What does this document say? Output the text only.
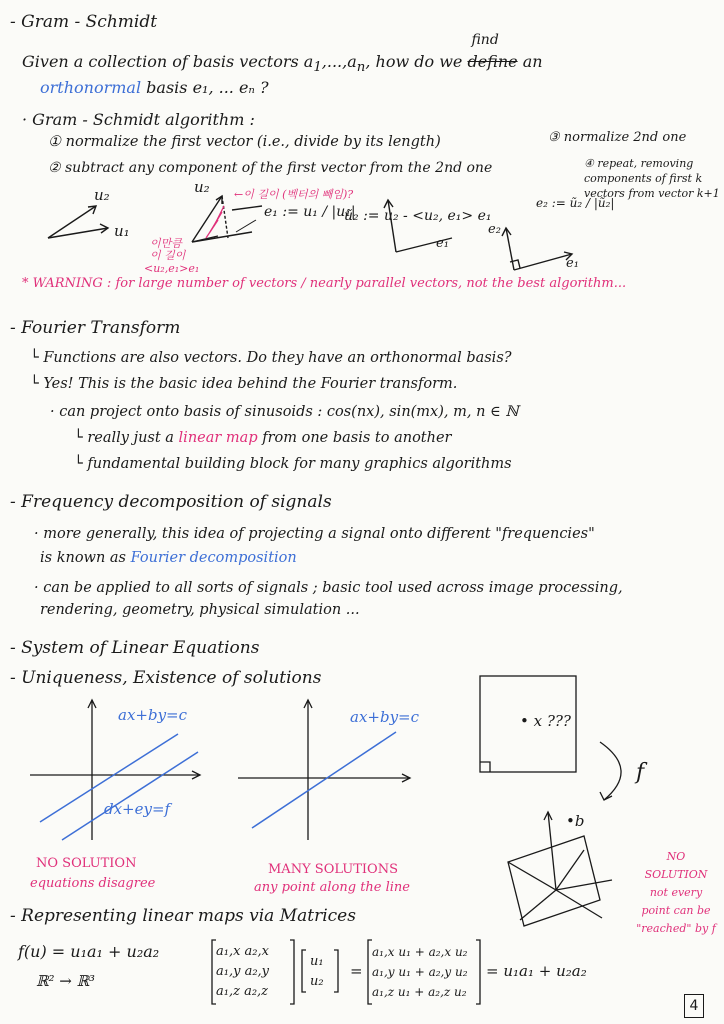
- Gram - Schmidt
Given a collection of basis vectors $a_1,...,a_n$, how do we define
find
an
orthonormal basis e₁, ... eₙ ?
· Gram - Schmidt algorithm :
① normalize the first vector (i.e., divide by its length)	③ normalize 2nd one
② subtract any component of the first vector from the 2nd one	④ repeat, removing components of first k vectors from vector k+1
u₂
u₁
u₂ ←이 길이 (벡터의 빼임)?
이만큼 이 길이
<u₂,e₁>e₁
e₁ := u₁ / |u₁|
ũ₂ := u₂ - <u₂, e₁> e₁
e₁
e₂ := ũ₂ / |ũ₂|
e₂
e₁
* WARNING : for large number of vectors / nearly parallel vectors, not the best algorithm...
- Fourier Transform
└ Functions are also vectors. Do they have an orthonormal basis?
└ Yes! This is the basic idea behind the Fourier transform.
· can project onto basis of sinusoids : cos(nx), sin(mx), m, n ∈ ℕ
└ really just a linear map from one basis to another
└ fundamental building block for many graphics algorithms
- Frequency decomposition of signals
· more generally, this idea of projecting a signal onto different "frequencies"
is known as Fourier decomposition
· can be applied to all sorts of signals ; basic tool used across image processing,
rendering, geometry, physical simulation ...
- System of Linear Equations
- Uniqueness, Existence of solutions
ax+by=c
dx+ey=f
ax+by=c
NO SOLUTION
equations disagree
MANY SOLUTIONS
any point along the line
• x ???
f
•b
NO SOLUTION not every point can be "reached" by f
- Representing linear maps via Matrices
f(u) = u₁a₁ + u₂a₂
ℝ² → ℝ³
a₁,x a₂,x
a₁,y a₂,y
a₁,z a₂,z
u₁
u₂
=
a₁,x u₁ + a₂,x u₂
a₁,y u₁ + a₂,y u₂
a₁,z u₁ + a₂,z u₂
= u₁a₁ + u₂a₂
4
